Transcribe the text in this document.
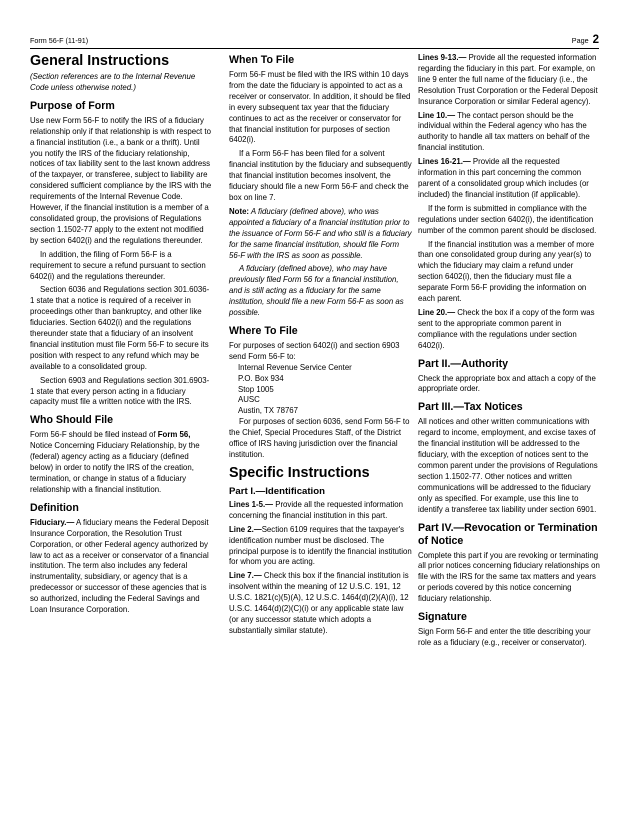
Form 56-F (11-91)	Page 2
General Instructions

(Section references are to the Internal Revenue Code unless otherwise noted.)

Purpose of Form

Use new Form 56-F to notify the IRS of a fiduciary relationship only if that relationship is with respect to a financial institution (i.e., a bank or a thrift). Until you notify the IRS of the fiduciary relationship, notices of tax liability sent to the last known address of the taxpayer, or transferee, subject to liability are considered sufficient compliance by the IRS with the requirements of the Internal Revenue Code. However, if the financial institution is a member of a consolidated group, the provisions of Regulations section 1.1502-77 apply to the extent not modified by section 6402(i) and the regulations thereunder.

In addition, the filing of Form 56-F is a requirement to secure a refund pursuant to section 6402(i) and the regulations thereunder.

Section 6036 and Regulations section 301.6036-1 state that a notice is required of a receiver in proceedings other than bankruptcy, and other like fiduciaries. Section 6402(i) and the regulations thereunder state that a fiduciary of an insolvent financial institution must file Form 56-F to secure its position with respect to any refund which may be available to a consolidated group.

Section 6903 and Regulations section 301.6903-1 state that every person acting in a fiduciary capacity must file a written notice with the IRS.

Who Should File

Form 56-F should be filed instead of Form 56, Notice Concerning Fiduciary Relationship, by the (federal) agency acting as a fiduciary (defined below) in order to notify the IRS of the creation, termination, or change in status of a fiduciary relationship with a financial institution.

Definition

Fiduciary.— A fiduciary means the Federal Deposit Insurance Corporation, the Resolution Trust Corporation, or other Federal agency authorized by law to act as a receiver or conservator of a financial institution. The term also includes any federal instrumentality, subsidiary, or agency that is a predecessor or successor of these agencies that is so authorized, including the Federal Savings and Loan Insurance Corporation.

When To File

Form 56-F must be filed with the IRS within 10 days from the date the fiduciary is appointed to act as a receiver or conservator. In addition, it should be filed in every subsequent tax year that the fiduciary continues to act as the receiver or conservator for that financial institution for purposes of section 6402(i).

If a Form 56-F has been filed for a solvent financial institution by the fiduciary and subsequently that financial institution becomes insolvent, the fiduciary should file a new Form 56-F and check the box on line 7.

Note: A fiduciary (defined above), who was appointed a fiduciary of a financial institution prior to the issuance of Form 56-F and who still is a fiduciary for the same financial institution, should file Form 56-F with the IRS as soon as possible.

A fiduciary (defined above), who may have previously filed Form 56 for a financial institution, and is still acting as a fiduciary for the same institution, should file a new Form 56-F as soon as possible.

Where To File

For purposes of section 6402(i) and section 6903 send Form 56-F to:

Internal Revenue Service Center
P.O. Box 934
Stop 1005
AUSC
Austin, TX 78767

For purposes of section 6036, send Form 56-F to the Chief, Special Procedures Staff, of the District office of IRS having jurisdiction over the financial institution.

Specific Instructions
Part I.—Identification

Lines 1-5.— Provide all the requested information concerning the financial institution in this part.

Line 2.—Section 6109 requires that the taxpayer's identification number must be disclosed. The principal purpose is to identify the financial institution for whom you are acting.

Line 7.— Check this box if the financial institution is insolvent within the meaning of 12 U.S.C. 191, 12 U.S.C. 1821(c)(5)(A), 12 U.S.C. 1464(d)(2)(A)(i), 12 U.S.C. 1464(d)(2)(C)(i) or any applicable state law (or any successor statute which adopts a substantially similar statute).

Lines 9-13.— Provide all the requested information regarding the fiduciary in this part. For example, on line 9 enter the full name of the fiduciary (i.e., the Resolution Trust Corporation or the Federal Deposit Insurance Corporation or similar Federal agency).

Line 10.— The contact person should be the individual within the Federal agency who has the authority to handle all tax matters on behalf of the financial institution.

Lines 16-21.— Provide all the requested information in this part concerning the common parent of a consolidated group which includes (or included) the financial institution (if applicable).

If the form is submitted in compliance with the regulations under section 6402(i), the identification number of the common parent should be disclosed.

If the financial institution was a member of more than one consolidated group during any year(s) to which the fiduciary may claim a refund under section 6402(i), then the fiduciary must file a separate Form 56-F providing the information on each parent.

Line 20.— Check the box if a copy of the form was sent to the appropriate common parent in compliance with the regulations under section 6402(i).

Part II.—Authority

Check the appropriate box and attach a copy of the appropriate order.

Part III.—Tax Notices

All notices and other written communications with regard to income, employment, and excise taxes of the financial institution will be addressed to the fiduciary, with the exception of notices sent to the common parent under the provisions of Regulations section 1.1502-77. Other notices and written communications will be addressed to the fiduciary only as specified. For example, use this line to identify a transferee tax liability under section 6901.

Part IV.—Revocation or Termination of Notice

Complete this part if you are revoking or terminating all prior notices concerning fiduciary relationships on file with the IRS for the same tax matters and years or periods covered by this notice concerning fiduciary relationship.

Signature

Sign Form 56-F and enter the title describing your role as a fiduciary (e.g., receiver or conservator).
